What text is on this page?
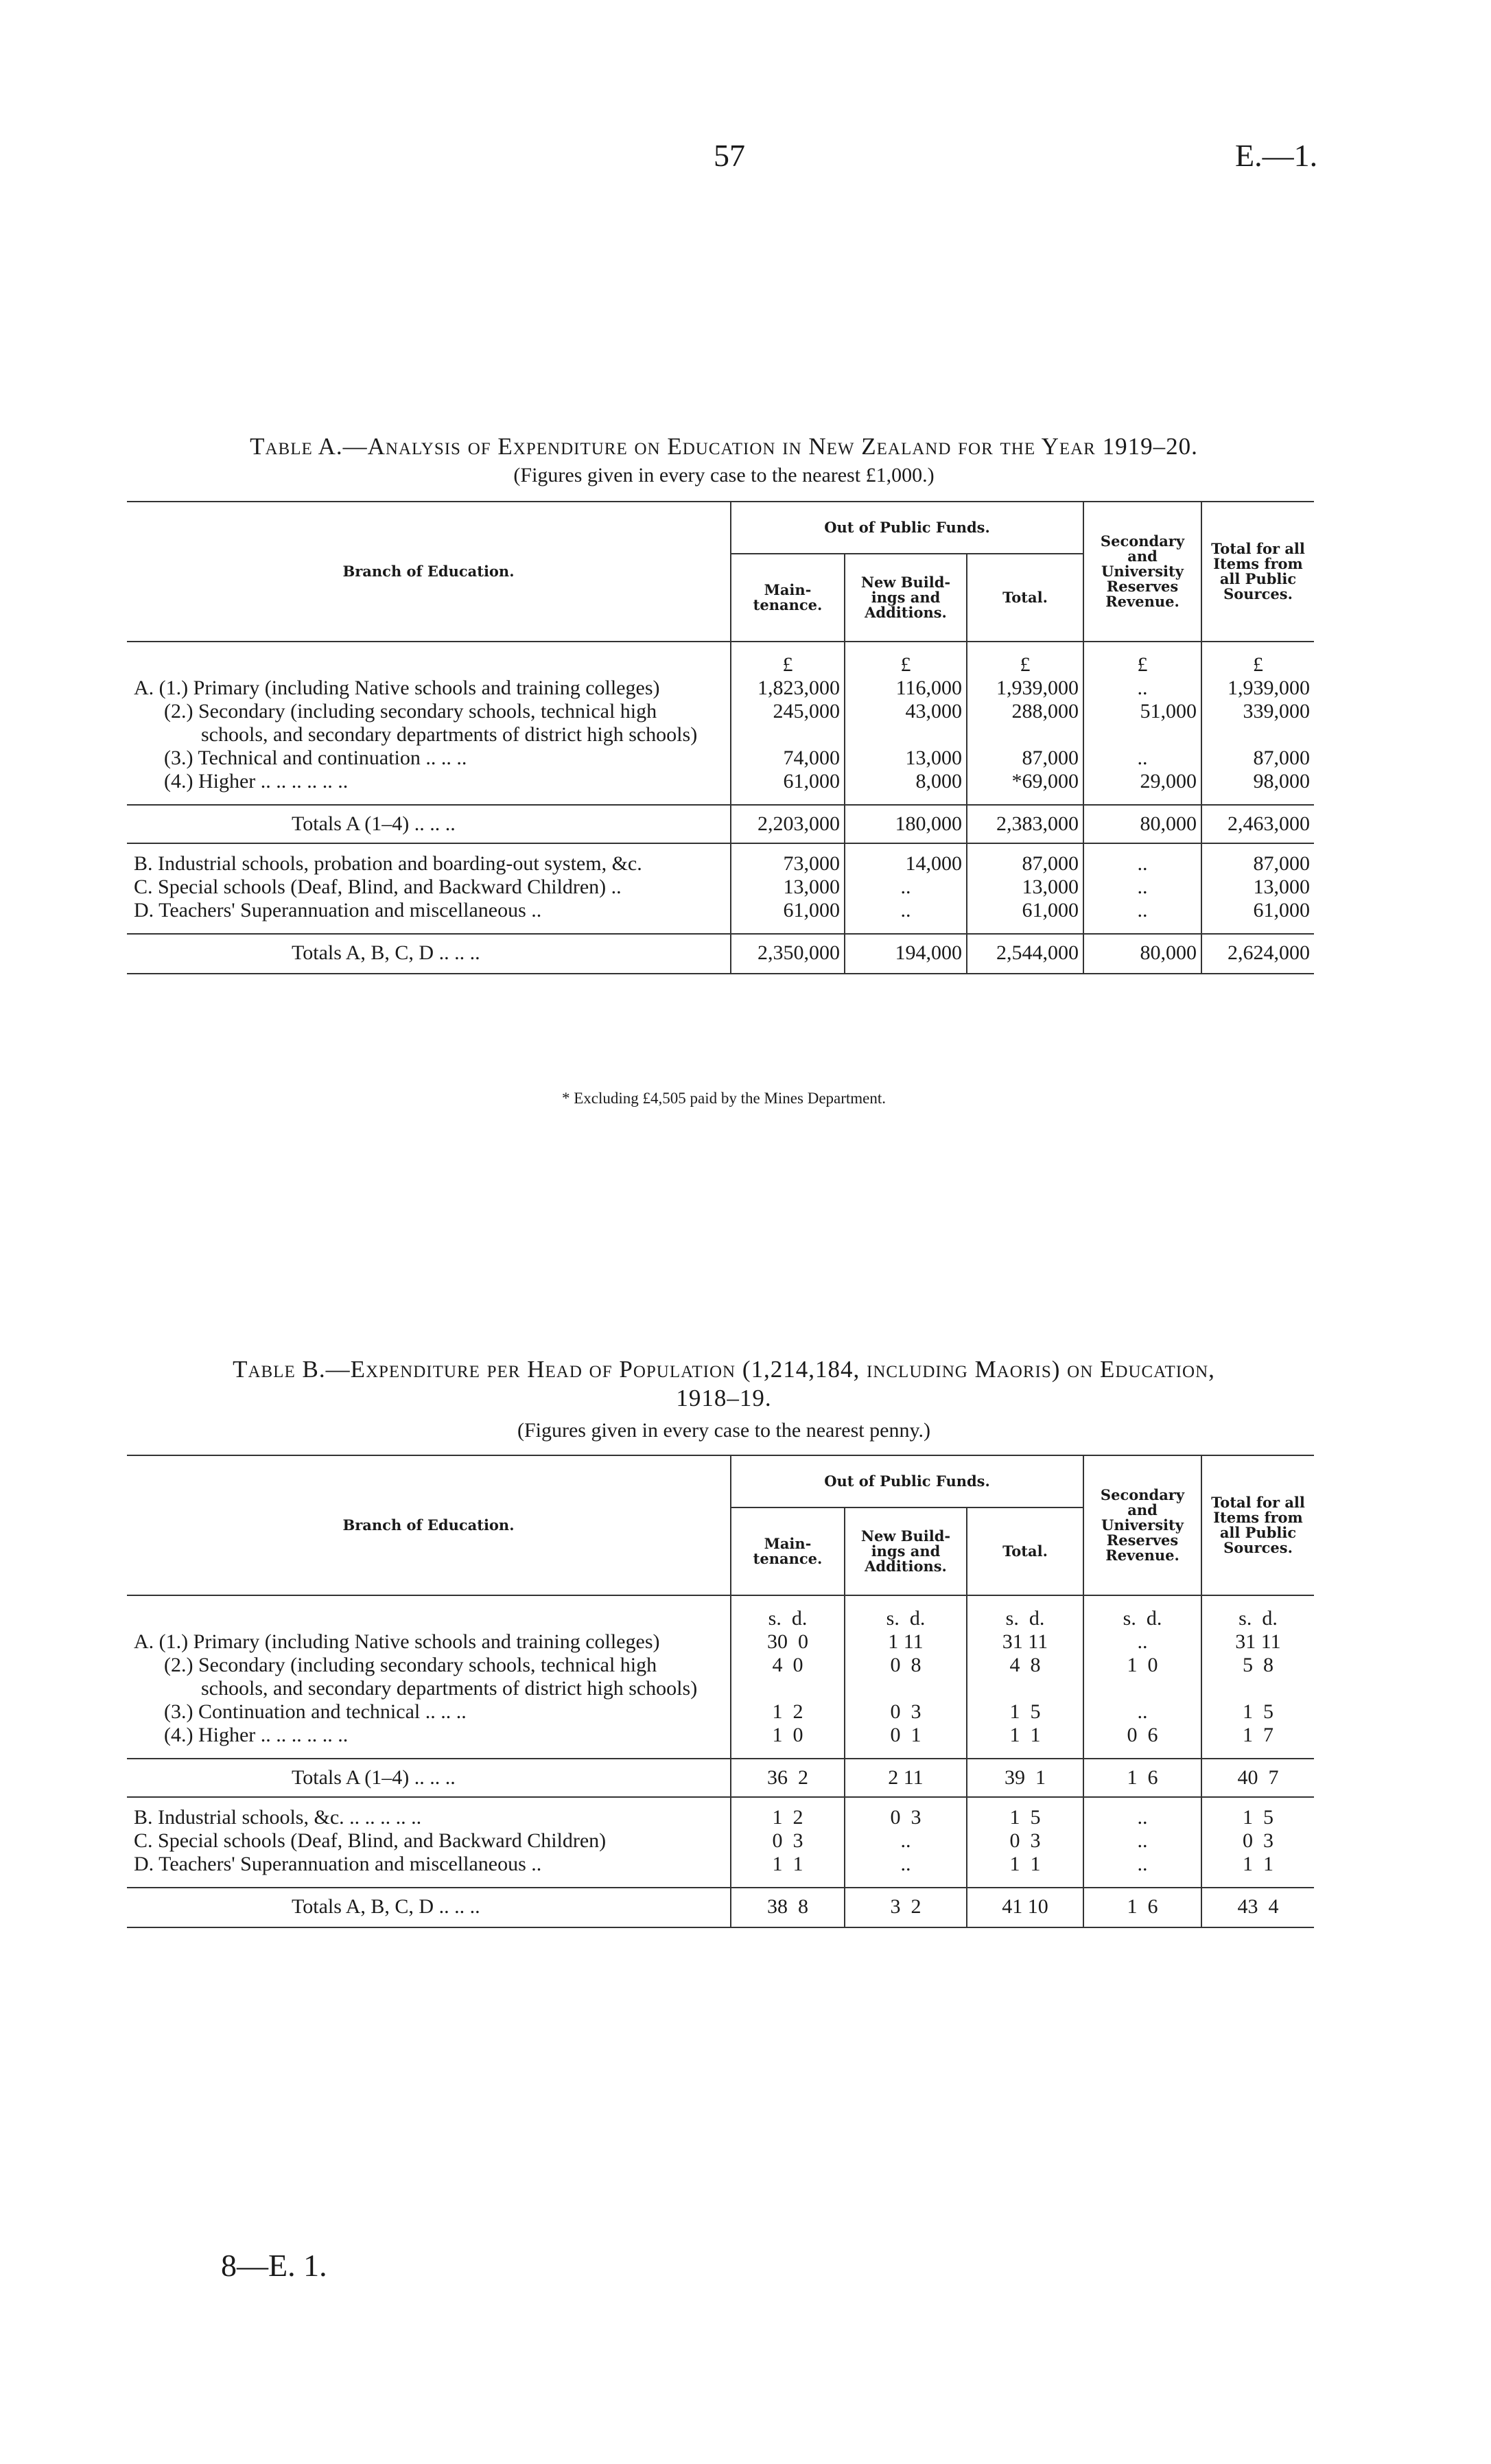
57	E.—1.
Table A.—Analysis of Expenditure on Education in New Zealand for the Year 1919–20.
(Figures given in every case to the nearest £1,000.)
Branch of Education.	Out of Public Funds.			Secondary and University Reserves Revenue.	Total for all Items from all Public Sources.
	Main-tenance.	New Build-ings and Additions.	Total.		

	£	£	£	£	£
A. (1.) Primary (including Native schools and training colleges)	1,823,000	116,000	1,939,000	..	1,939,000
(2.) Secondary (including secondary schools, technical high schools, and secondary departments of district high schools)	245,000	43,000	288,000	51,000	339,000
(3.) Technical and continuation .. .. ..	74,000	13,000	87,000	..	87,000
(4.) Higher .. .. .. .. .. ..	61,000	8,000	*69,000	29,000	98,000

Totals A (1–4) .. .. ..	2,203,000	180,000	2,383,000	80,000	2,463,000
B. Industrial schools, probation and boarding-out system, &c.	73,000	14,000	87,000	..	87,000
C. Special schools (Deaf, Blind, and Backward Children) ..	13,000	..	13,000	..	13,000
D. Teachers' Superannuation and miscellaneous ..	61,000	..	61,000	..	61,000

Totals A, B, C, D .. .. ..	2,350,000	194,000	2,544,000	80,000	2,624,000
* Excluding £4,505 paid by the Mines Department.
Table B.—Expenditure per Head of Population (1,214,184, including Maoris) on Education,
1918–19.
(Figures given in every case to the nearest penny.)
Branch of Education.	Out of Public Funds.			Secondary and University Reserves Revenue.	Total for all Items from all Public Sources.
	Main-tenance.	New Build-ings and Additions.	Total.		

	s.  d.	s.  d.	s.  d.	s.  d.	s.  d.
A. (1.) Primary (including Native schools and training colleges)	30  0	1 11	31 11	..	31 11
(2.) Secondary (including secondary schools, technical high schools, and secondary departments of district high schools)	4  0	0  8	4  8	1  0	5  8
(3.) Continuation and technical .. .. ..	1  2	0  3	1  5	..	1  5
(4.) Higher .. .. .. .. .. ..	1  0	0  1	1  1	0  6	1  7

Totals A (1–4) .. .. ..	36  2	2 11	39  1	1  6	40  7
B. Industrial schools, &c. .. .. .. .. ..	1  2	0  3	1  5	..	1  5
C. Special schools (Deaf, Blind, and Backward Children)	0  3	..	0  3	..	0  3
D. Teachers' Superannuation and miscellaneous ..	1  1	..	1  1	..	1  1

Totals A, B, C, D .. .. ..	38  8	3  2	41 10	1  6	43  4
8—E. 1.
